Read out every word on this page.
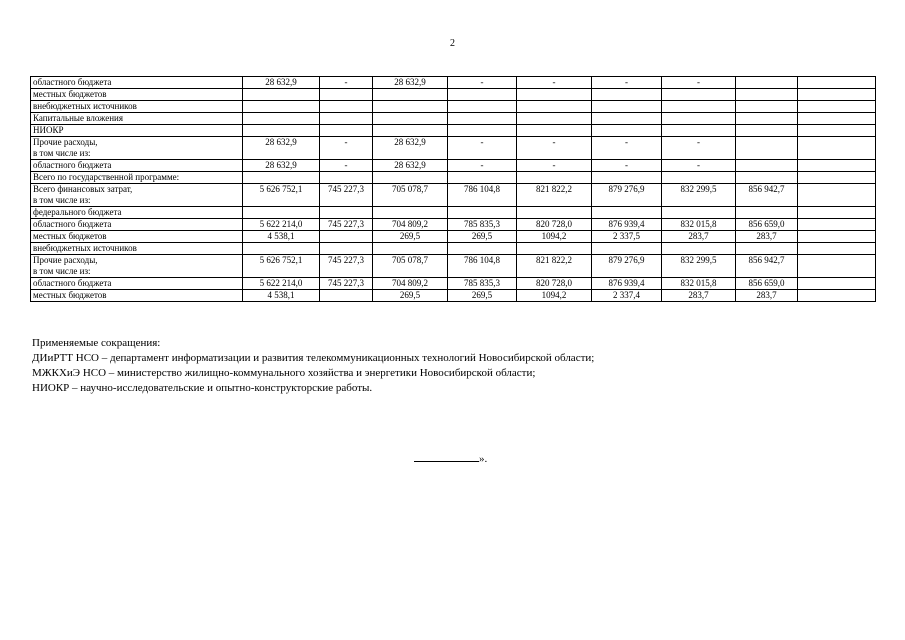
2
областного бюджета	28 632,9	-	28 632,9	-	-	-	-		

местных бюджетов									

внебюджетных источников									

Капитальные вложения									

НИОКР									

Прочие расходы,
в том числе из:	28 632,9	-	28 632,9	-	-	-	-		

областного бюджета	28 632,9	-	28 632,9	-	-	-	-		

Всего по государственной программе:									

Всего финансовых затрат,
в том числе из:	5 626 752,1	745 227,3	705 078,7	786 104,8	821 822,2	879 276,9	832 299,5	856 942,7	

федерального бюджета									

областного бюджета	5 622 214,0	745 227,3	704 809,2	785 835,3	820 728,0	876 939,4	832 015,8	856 659,0	

местных бюджетов	4 538,1		269,5	269,5	1094,2	2 337,5	283,7	283,7	

внебюджетных источников									

Прочие расходы,
в том числе из:	5 626 752,1	745 227,3	705 078,7	786 104,8	821 822,2	879 276,9	832 299,5	856 942,7	

областного бюджета	5 622 214,0	745 227,3	704 809,2	785 835,3	820 728,0	876 939,4	832 015,8	856 659,0	

местных бюджетов	4 538,1		269,5	269,5	1094,2	2 337,4	283,7	283,7	
Применяемые сокращения:
ДИиРТТ НСО – департамент информатизации и развития телекоммуникационных технологий Новосибирской области;
МЖКХиЭ НСО – министерство жилищно-коммунального хозяйства и энергетики Новосибирской области;
НИОКР – научно-исследовательские и опытно-конструкторские работы.
».
